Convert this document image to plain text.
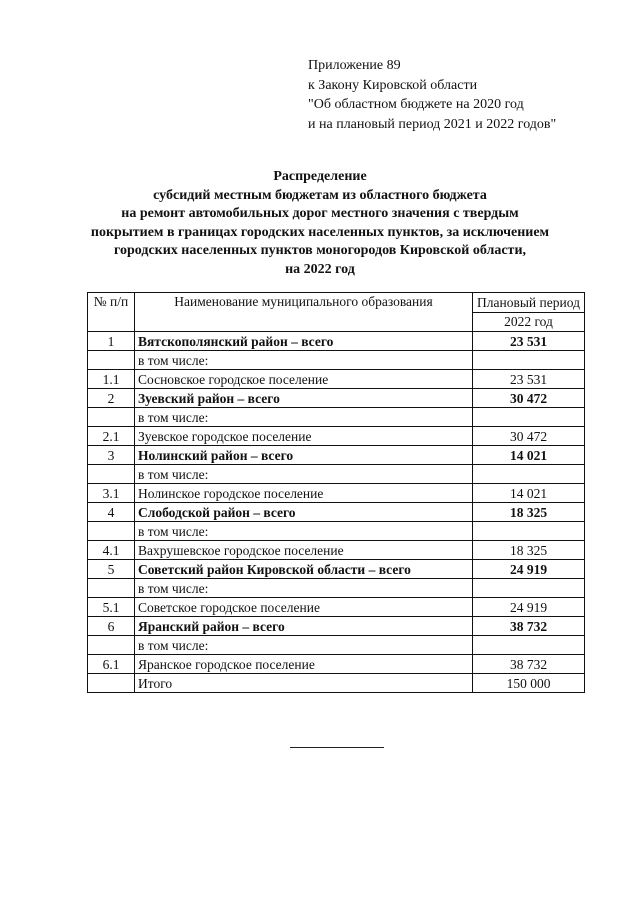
Приложение 89
к Закону Кировской области
"Об областном бюджете на 2020 год
и на плановый период 2021 и 2022 годов"
Распределение
субсидий местным бюджетам из областного бюджета
на ремонт автомобильных дорог местного значения с твердым
покрытием в границах городских населенных пунктов, за исключением
городских населенных пунктов моногородов Кировской области,
на 2022 год
№ п/п	Наименование муниципального образования	Плановый период
		2022 год
1	Вятскополянский район – всего	23 531
	в том числе:	
1.1	Сосновское городское поселение	23 531
2	Зуевский район – всего	30 472
	в том числе:	
2.1	Зуевское городское поселение	30 472
3	Нолинский район – всего	14 021
	в том числе:	
3.1	Нолинское городское поселение	14 021
4	Слободской район – всего	18 325
	в том числе:	
4.1	Вахрушевское городское поселение	18 325
5	Советский район Кировской области – всего	24 919
	в том числе:	
5.1	Советское городское поселение	24 919
6	Яранский район – всего	38 732
	в том числе:	
6.1	Яранское городское поселение	38 732
	Итого	150 000
